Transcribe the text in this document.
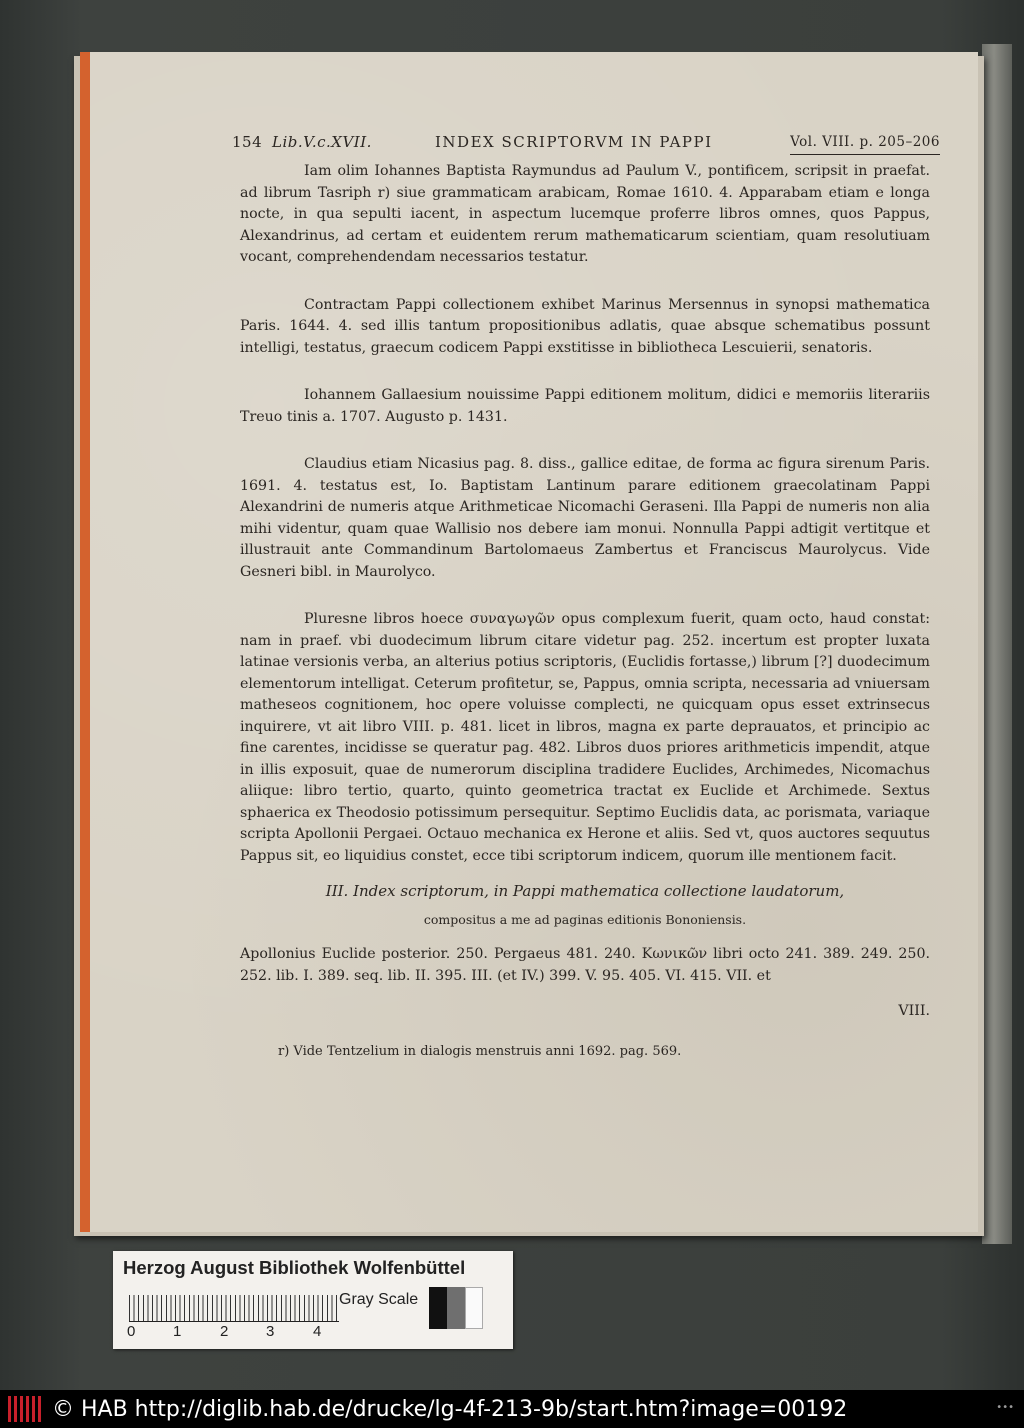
154 Lib.V.c.XVII.	INDEX SCRIPTORVM IN PAPPI	Vol. VIII. p. 205–206

Iam olim Iohannes Baptista Raymundus ad Paulum V., pontificem, scripsit in praefat. ad librum Tasriph r) siue grammaticam arabicam, Romae 1610. 4. Apparabam etiam e longa nocte, in qua sepulti iacent, in aspectum lucemque proferre libros omnes, quos Pappus, Alexandrinus, ad certam et euidentem rerum mathematicarum scientiam, quam resolutiuam vocant, comprehendendam necessarios testatur.

Contractam Pappi collectionem exhibet Marinus Mersennus in synopsi mathematica Paris. 1644. 4. sed illis tantum propositionibus adlatis, quae absque schematibus possunt intelligi, testatus, graecum codicem Pappi exstitisse in bibliotheca Lescuierii, senatoris.

Iohannem Gallaesium nouissime Pappi editionem molitum, didici e memoriis literariis Treuo tinis a. 1707. Augusto p. 1431.

Claudius etiam Nicasius pag. 8. diss., gallice editae, de forma ac figura sirenum Paris. 1691. 4. testatus est, Io. Baptistam Lantinum parare editionem graecolatinam Pappi Alexandrini de numeris atque Arithmeticae Nicomachi Geraseni. Illa Pappi de numeris non alia mihi videntur, quam quae Wallisio nos debere iam monui. Nonnulla Pappi adtigit vertitque et illustrauit ante Commandinum Bartolomaeus Zambertus et Franciscus Maurolycus. Vide Gesneri bibl. in Maurolyco.

Pluresne libros hoece συναγωγῶν opus complexum fuerit, quam octo, haud constat: nam in praef. vbi duodecimum librum citare videtur pag. 252. incertum est propter luxata latinae versionis verba, an alterius potius scriptoris, (Euclidis fortasse,) librum [?] duodecimum elementorum intelligat. Ceterum profitetur, se, Pappus, omnia scripta, necessaria ad vniuersam matheseos cognitionem, hoc opere voluisse complecti, ne quicquam opus esset extrinsecus inquirere, vt ait libro VIII. p. 481. licet in libros, magna ex parte deprauatos, et principio ac fine carentes, incidisse se queratur pag. 482. Libros duos priores arithmeticis impendit, atque in illis exposuit, quae de numerorum disciplina tradidere Euclides, Archimedes, Nicomachus aliique: libro tertio, quarto, quinto geometrica tractat ex Euclide et Archimede. Sextus sphaerica ex Theodosio potissimum persequitur. Septimo Euclidis data, ac porismata, variaque scripta Apollonii Pergaei. Octauo mechanica ex Herone et aliis. Sed vt, quos auctores sequutus Pappus sit, eo liquidius constet, ecce tibi scriptorum indicem, quorum ille mentionem facit.

III. Index scriptorum, in Pappi mathematica collectione laudatorum,
compositus a me ad paginas editionis Bononiensis.

Apollonius Euclide posterior. 250. Pergaeus 481. 240. Κωνικῶν libri octo 241. 389. 249. 250. 252. lib. I. 389. seq. lib. II. 395. III. (et IV.) 399. V. 95. 405. VI. 415. VII. et

VIII.
r) Vide Tentzelium in dialogis menstruis anni 1692. pag. 569.
Herzog August Bibliothek Wolfenbüttel
0	1	2	3	4
Gray Scale
© HAB http://diglib.hab.de/drucke/lg-4f-213-9b/start.htm?image=00192	•••
